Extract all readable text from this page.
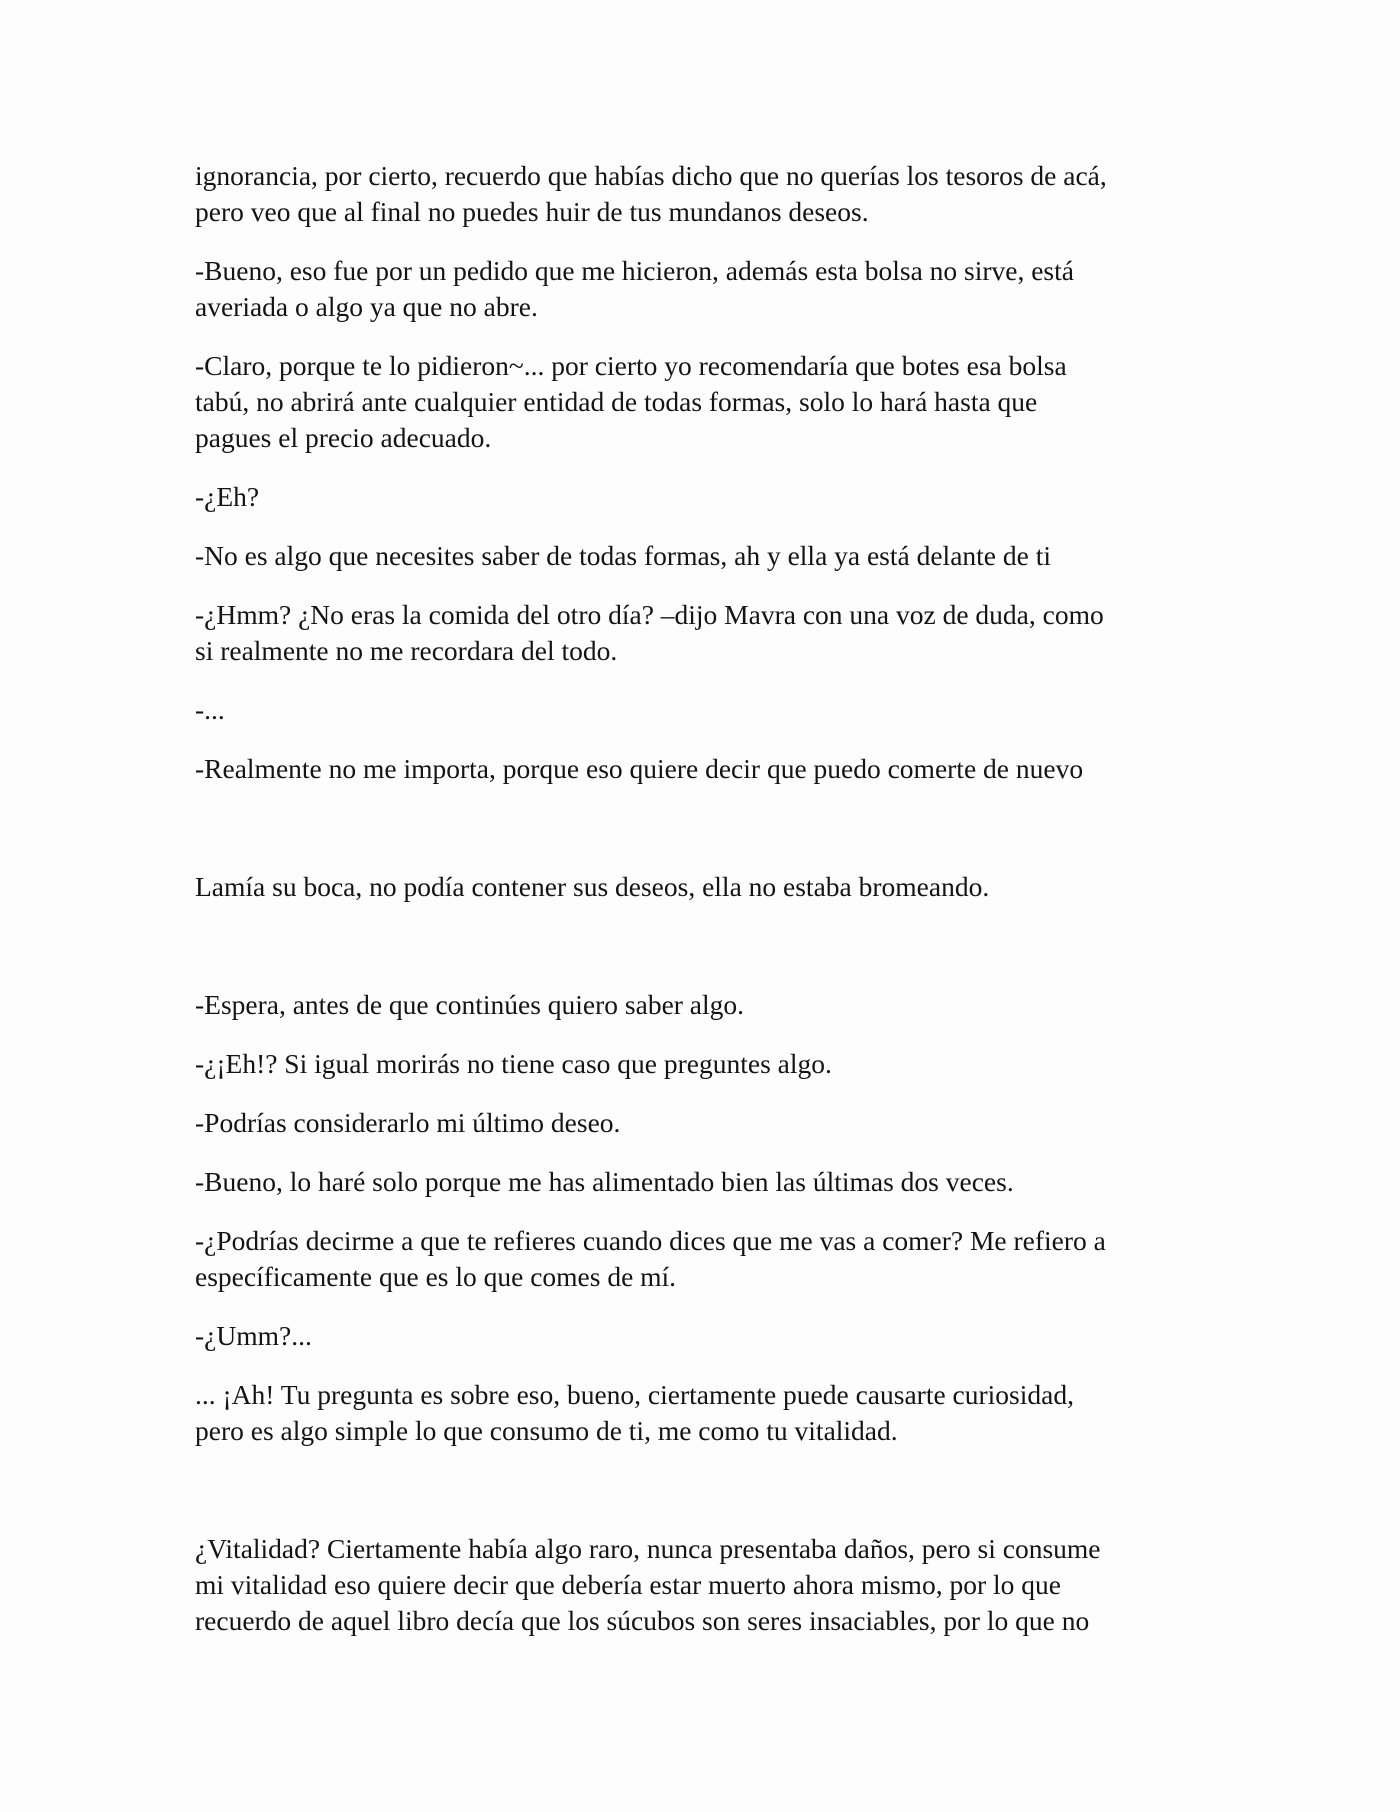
ignorancia, por cierto, recuerdo que habías dicho que no querías los tesoros de acá,
pero veo que al final no puedes huir de tus mundanos deseos.

-Bueno, eso fue por un pedido que me hicieron, además esta bolsa no sirve, está
averiada o algo ya que no abre.

-Claro, porque te lo pidieron~... por cierto yo recomendaría que botes esa bolsa
tabú, no abrirá ante cualquier entidad de todas formas, solo lo hará hasta que
pagues el precio adecuado.

-¿Eh?

-No es algo que necesites saber de todas formas, ah y ella ya está delante de ti

-¿Hmm? ¿No eras la comida del otro día? –dijo Mavra con una voz de duda, como
si realmente no me recordara del todo.

-...

-Realmente no me importa, porque eso quiere decir que puedo comerte de nuevo

Lamía su boca, no podía contener sus deseos, ella no estaba bromeando.

-Espera, antes de que continúes quiero saber algo.

-¿¡Eh!? Si igual morirás no tiene caso que preguntes algo.

-Podrías considerarlo mi último deseo.

-Bueno, lo haré solo porque me has alimentado bien las últimas dos veces.

-¿Podrías decirme a que te refieres cuando dices que me vas a comer? Me refiero a
específicamente que es lo que comes de mí.

-¿Umm?...

... ¡Ah! Tu pregunta es sobre eso, bueno, ciertamente puede causarte curiosidad,
pero es algo simple lo que consumo de ti, me como tu vitalidad.

¿Vitalidad? Ciertamente había algo raro, nunca presentaba daños, pero si consume
mi vitalidad eso quiere decir que debería estar muerto ahora mismo, por lo que
recuerdo de aquel libro decía que los súcubos son seres insaciables, por lo que no
